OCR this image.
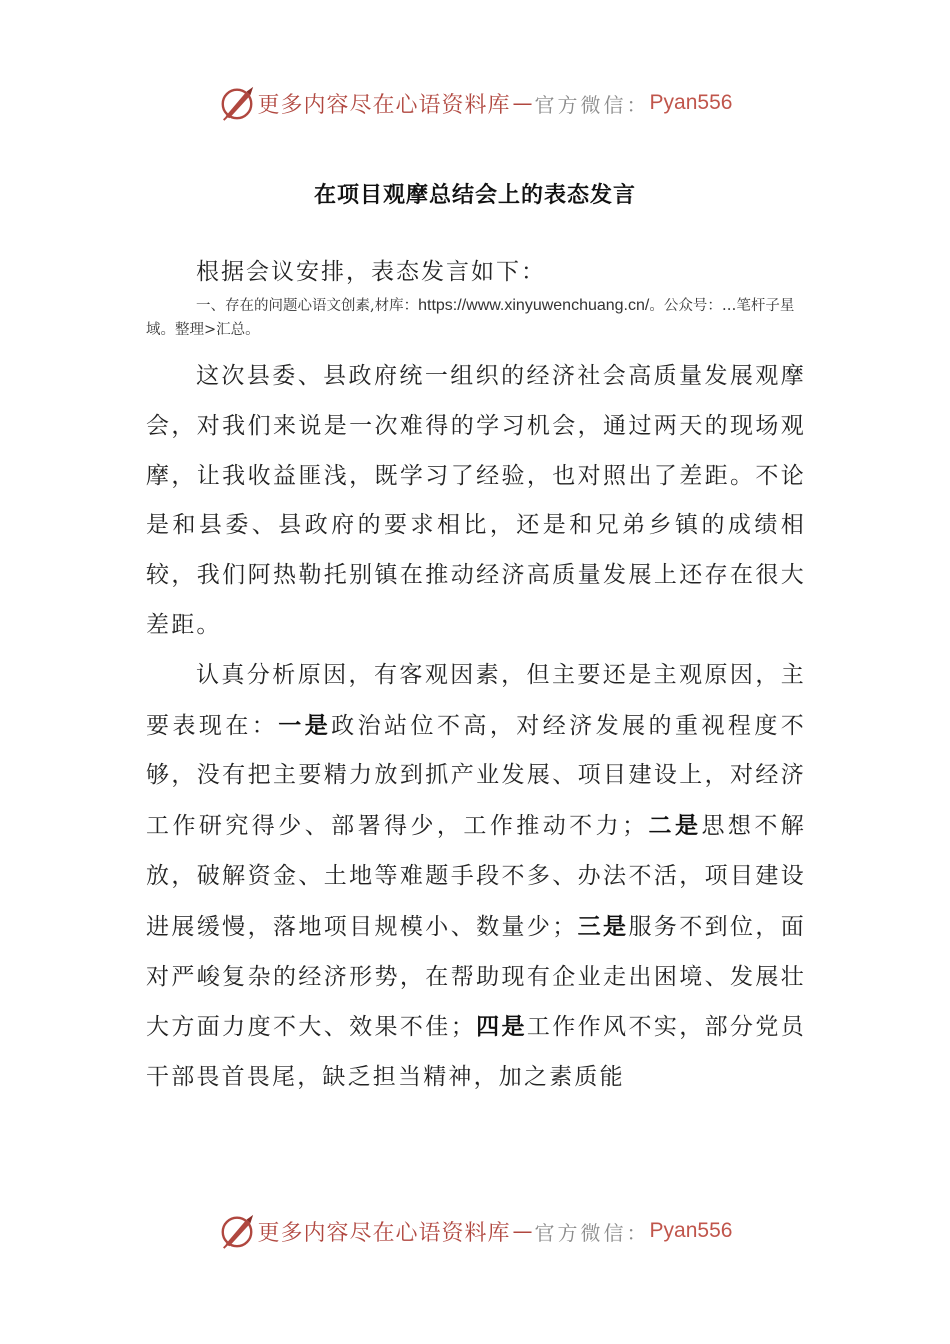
更多内容尽在心语资料库 — 官方微信： Pyan556
在项目观摩总结会上的表态发言

根据会议安排，表态发言如下：

一、存在的问题心语文创素,材库：https://www.xinyuwenchuang.cn/。公众号：…笔杆子星域。整理>汇总。

这次县委、县政府统一组织的经济社会高质量发展观摩会，对我们来说是一次难得的学习机会，通过两天的现场观摩，让我收益匪浅，既学习了经验，也对照出了差距。不论是和县委、县政府的要求相比，还是和兄弟乡镇的成绩相较，我们阿热勒托别镇在推动经济高质量发展上还存在很大差距。

认真分析原因，有客观因素，但主要还是主观原因，主要表现在：一是政治站位不高，对经济发展的重视程度不够，没有把主要精力放到抓产业发展、项目建设上，对经济工作研究得少、部署得少，工作推动不力；二是思想不解放，破解资金、土地等难题手段不多、办法不活，项目建设进展缓慢，落地项目规模小、数量少；三是服务不到位，面对严峻复杂的经济形势，在帮助现有企业走出困境、发展壮大方面力度不大、效果不佳；四是工作作风不实，部分党员干部畏首畏尾，缺乏担当精神，加之素质能

更多内容尽在心语资料库 — 官方微信： Pyan556
